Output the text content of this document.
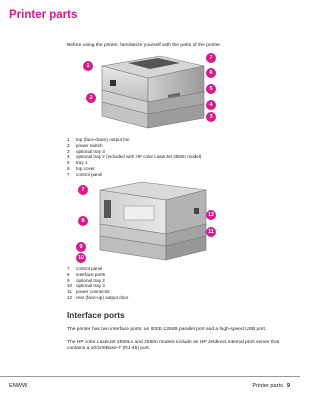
Printer parts
Before using the printer, familiarize yourself with the parts of the printer.
1
2
3
4
5
6
7
1	top (face-down) output bin
2	power switch
3	optional tray 3
4	optional tray 2 (included with HP color LaserJet 2550n model)
5	tray 1
6	top cover
7	control panel
7
8
9
10
11
12
7	control panel
8	interface ports
9	optional tray 2
10 optional tray 3
11 power connector
12 rear (face-up) output door
Interface ports
The printer has two interface ports: an IEEE-1284B parallel port and a high-speed USB port.
The HP color LaserJet 2550Ln and 2550n models include an HP Jetdirect internal print server that contains a 10/100Base-T (RJ-45) port.
ENWW	Printer parts 9
